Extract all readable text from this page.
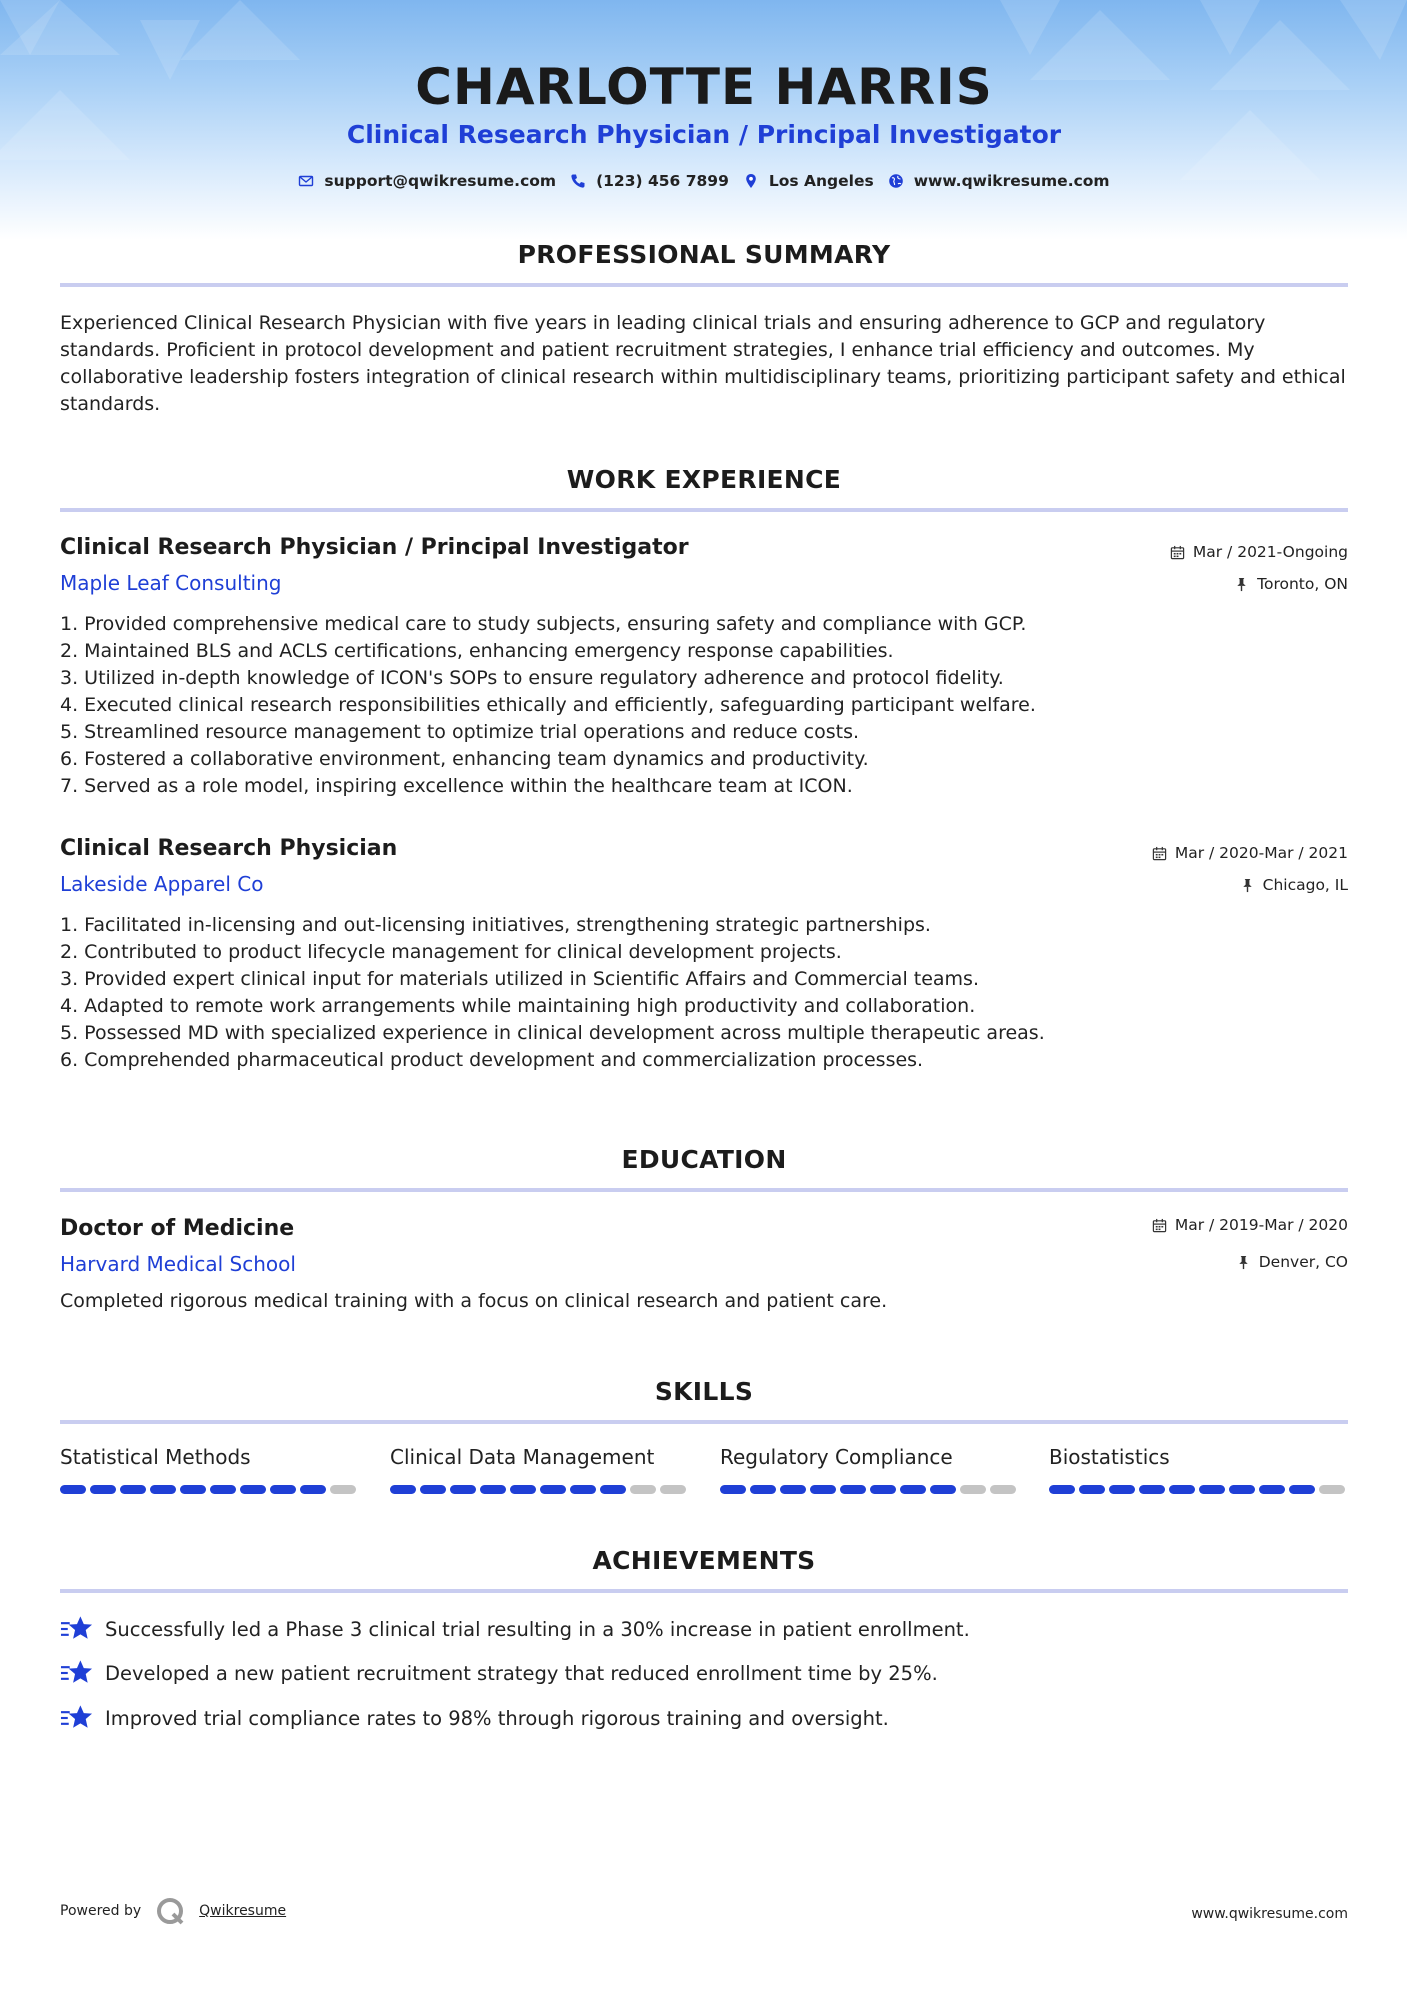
CHARLOTTE HARRIS
Clinical Research Physician / Principal Investigator
support@qwikresume.com	(123) 456 7899	Los Angeles	www.qwikresume.com
PROFESSIONAL SUMMARY
Experienced Clinical Research Physician with five years in leading clinical trials and ensuring adherence to GCP and regulatory standards. Proficient in protocol development and patient recruitment strategies, I enhance trial efficiency and outcomes. My collaborative leadership fosters integration of clinical research within multidisciplinary teams, prioritizing participant safety and ethical standards.
WORK EXPERIENCE
Clinical Research Physician / Principal Investigator
Maple Leaf Consulting
Mar / 2021-Ongoing
Toronto, ON
1. Provided comprehensive medical care to study subjects, ensuring safety and compliance with GCP.
2. Maintained BLS and ACLS certifications, enhancing emergency response capabilities.
3. Utilized in-depth knowledge of ICON's SOPs to ensure regulatory adherence and protocol fidelity.
4. Executed clinical research responsibilities ethically and efficiently, safeguarding participant welfare.
5. Streamlined resource management to optimize trial operations and reduce costs.
6. Fostered a collaborative environment, enhancing team dynamics and productivity.
7. Served as a role model, inspiring excellence within the healthcare team at ICON.
Clinical Research Physician
Lakeside Apparel Co
Mar / 2020-Mar / 2021
Chicago, IL
1. Facilitated in-licensing and out-licensing initiatives, strengthening strategic partnerships.
2. Contributed to product lifecycle management for clinical development projects.
3. Provided expert clinical input for materials utilized in Scientific Affairs and Commercial teams.
4. Adapted to remote work arrangements while maintaining high productivity and collaboration.
5. Possessed MD with specialized experience in clinical development across multiple therapeutic areas.
6. Comprehended pharmaceutical product development and commercialization processes.
EDUCATION
Doctor of Medicine
Harvard Medical School
Mar / 2019-Mar / 2020
Denver, CO
Completed rigorous medical training with a focus on clinical research and patient care.
SKILLS
Statistical Methods	Clinical Data Management	Regulatory Compliance	Biostatistics
ACHIEVEMENTS
Successfully led a Phase 3 clinical trial resulting in a 30% increase in patient enrollment.
Developed a new patient recruitment strategy that reduced enrollment time by 25%.
Improved trial compliance rates to 98% through rigorous training and oversight.
Powered by	Qwikresume	www.qwikresume.com
